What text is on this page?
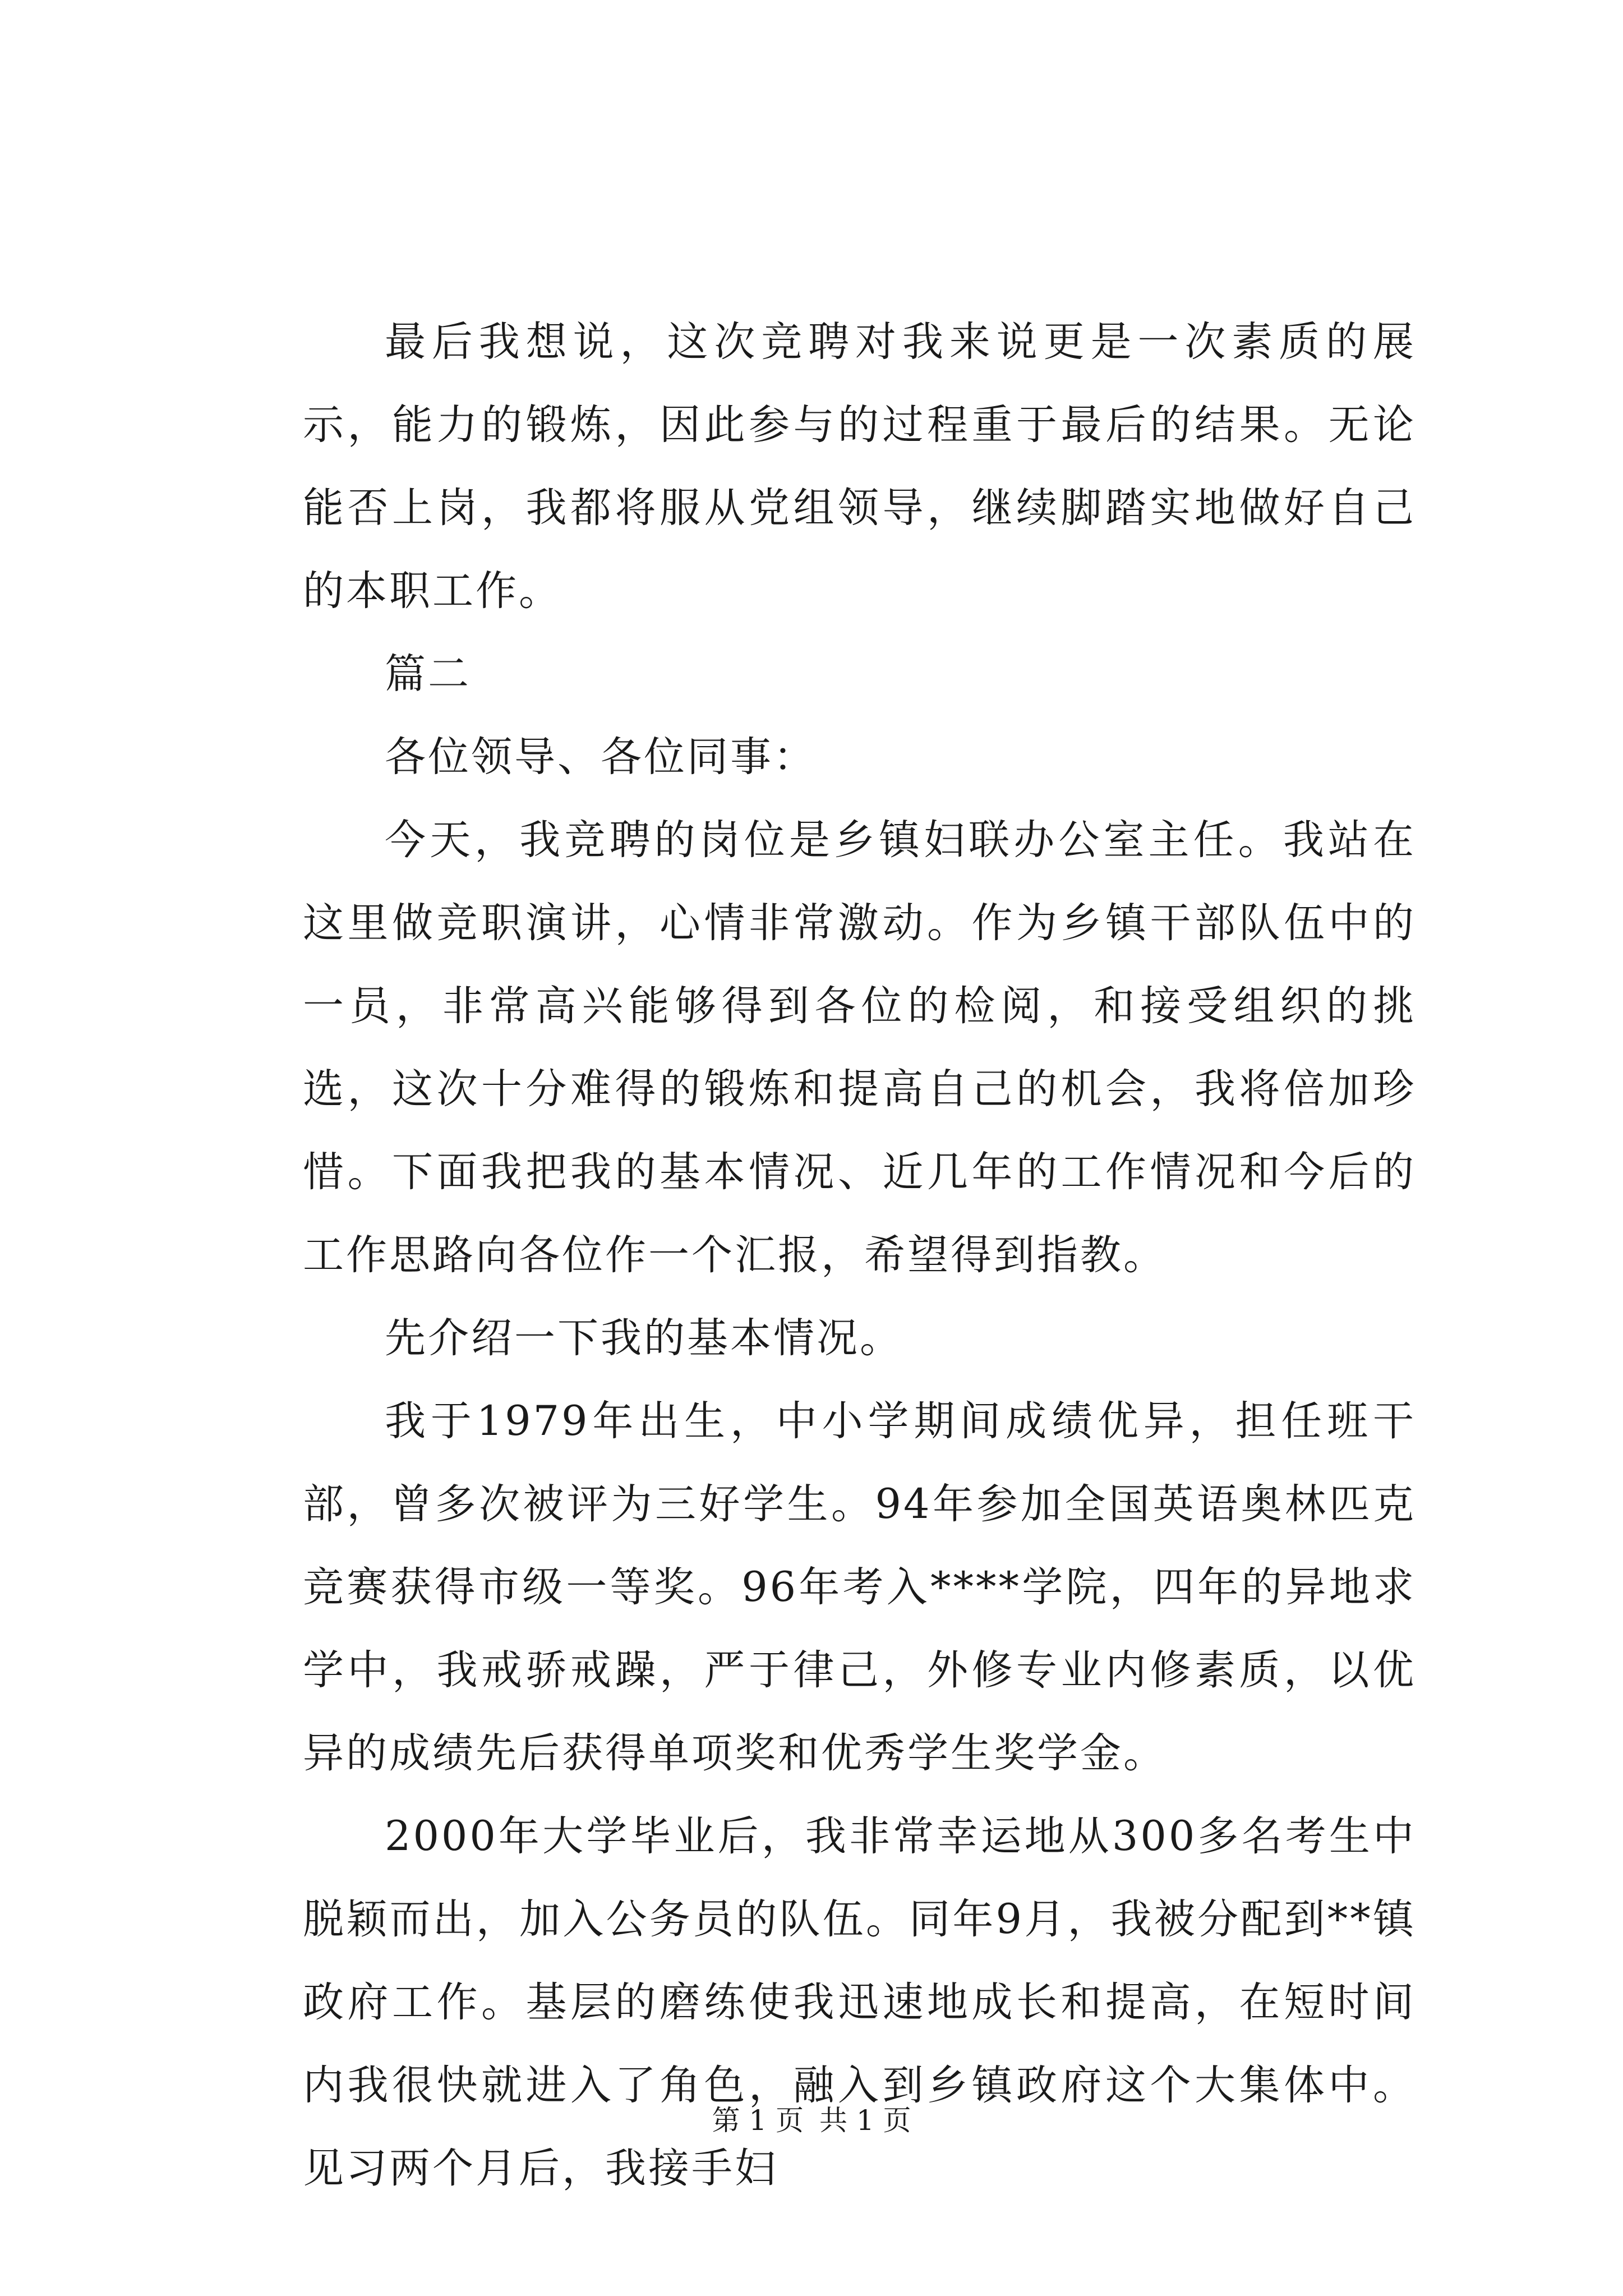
最后我想说，这次竞聘对我来说更是一次素质的展示，能力的锻炼，因此参与的过程重于最后的结果。无论能否上岗，我都将服从党组领导，继续脚踏实地做好自己的本职工作。

篇二

各位领导、各位同事：

今天，我竞聘的岗位是乡镇妇联办公室主任。我站在这里做竞职演讲，心情非常激动。作为乡镇干部队伍中的一员，非常高兴能够得到各位的检阅，和接受组织的挑选，这次十分难得的锻炼和提高自己的机会，我将倍加珍惜。下面我把我的基本情况、近几年的工作情况和今后的工作思路向各位作一个汇报，希望得到指教。

先介绍一下我的基本情况。

我于1979年出生，中小学期间成绩优异，担任班干部，曾多次被评为三好学生。94年参加全国英语奥林匹克竞赛获得市级一等奖。96年考入****学院，四年的异地求学中，我戒骄戒躁，严于律己，外修专业内修素质，以优异的成绩先后获得单项奖和优秀学生奖学金。

2000年大学毕业后，我非常幸运地从300多名考生中脱颖而出，加入公务员的队伍。同年9月，我被分配到**镇政府工作。基层的磨练使我迅速地成长和提高，在短时间内我很快就进入了角色，融入到乡镇政府这个大集体中。见习两个月后，我接手妇

第 1 页 共 1 页
